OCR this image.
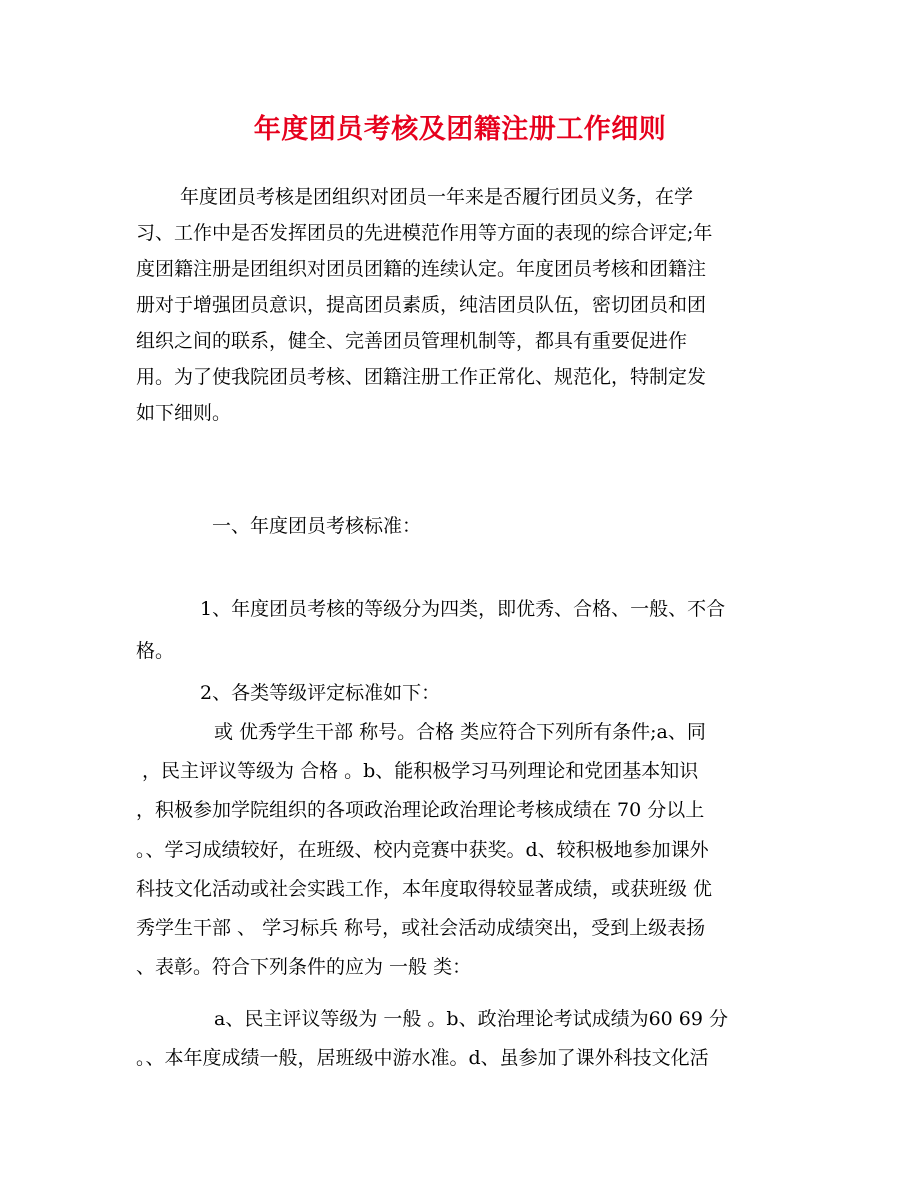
年度团员考核及团籍注册工作细则
年度团员考核是团组织对团员一年来是否履行团员义务，在学
习、工作中是否发挥团员的先进模范作用等方面的表现的综合评定;年
度团籍注册是团组织对团员团籍的连续认定。年度团员考核和团籍注
册对于增强团员意识，提高团员素质，纯洁团员队伍，密切团员和团
组织之间的联系，健全、完善团员管理机制等，都具有重要促进作
用。为了使我院团员考核、团籍注册工作正常化、规范化，特制定发
如下细则。
一、年度团员考核标准：
1、年度团员考核的等级分为四类，即优秀、合格、一般、不合
格。
2、各类等级评定标准如下：
或 优秀学生干部 称号。合格 类应符合下列所有条件;a、同
，民主评议等级为 合格 。b、能积极学习马列理论和党团基本知识
，积极参加学院组织的各项政治理论政治理论考核成绩在 70 分以上
。、学习成绩较好，在班级、校内竞赛中获奖。d、较积极地参加课外
科技文化活动或社会实践工作，本年度取得较显著成绩，或获班级 优
秀学生干部 、 学习标兵 称号，或社会活动成绩突出，受到上级表扬
、表彰。符合下列条件的应为 一般 类：
a、民主评议等级为 一般 。b、政治理论考试成绩为60 69 分
。、本年度成绩一般，居班级中游水准。d、虽参加了课外科技文化活
